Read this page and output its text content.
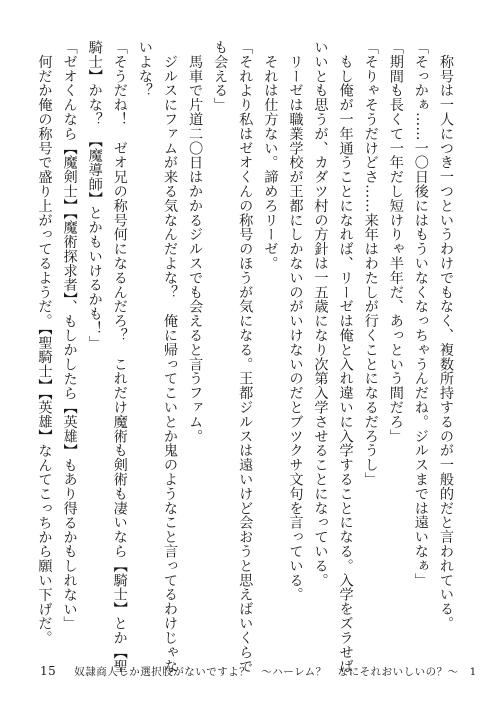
　称号は一人につき一つというわけでもなく、複数所持するのが一般的だと言われている。
「そっかぁ……一〇日後にはもういなくなっちゃうんだね。ジルスまでは遠いなぁ」
「期間も長くて一年だし短けりゃ半年だ、あっという間だろ」
「そりゃそうだけどさ……来年はわたしが行くことになるだろうし」
　もし俺が一年通うことになれば、リーゼは俺と入れ違いに入学することになる。入学をズラせば
いいとも思うが、カダツ村の方針は一五歳になり次第入学させることになっている。
　リーゼは職業学校が王都にしかないのがいけないのだとブツクサ文句を言っている。
　それは仕方ない。諦めろリーゼ。
「それより私はゼオくんの称号のほうが気になる。王都ジルスは遠いけど会おうと思えばいくらで
も会える」
　馬車で片道二〇日はかかるジルスでも会えると言うファム。
　ジルスにファムが来る気なんだよな？　俺に帰ってこいとか鬼のようなこと言ってるわけじゃな
いよな？
「そうだね！　ゼオ兄の称号何になるんだろ？　これだけ魔術も剣術も凄いなら【騎士】とか【聖
騎士】かな？　【魔導師】とかもいけるかも！」
「ゼオくんなら【魔剣士】【魔術探求者】、もしかしたら【英雄】もあり得るかもしれない」
　何だか俺の称号で盛り上がってるようだ。【聖騎士】【英雄】なんてこっちから願い下げだ。
15 奴隷商人しか選択肢がないですよ？　～ハーレム？　なにそれおいしいの？～　1
